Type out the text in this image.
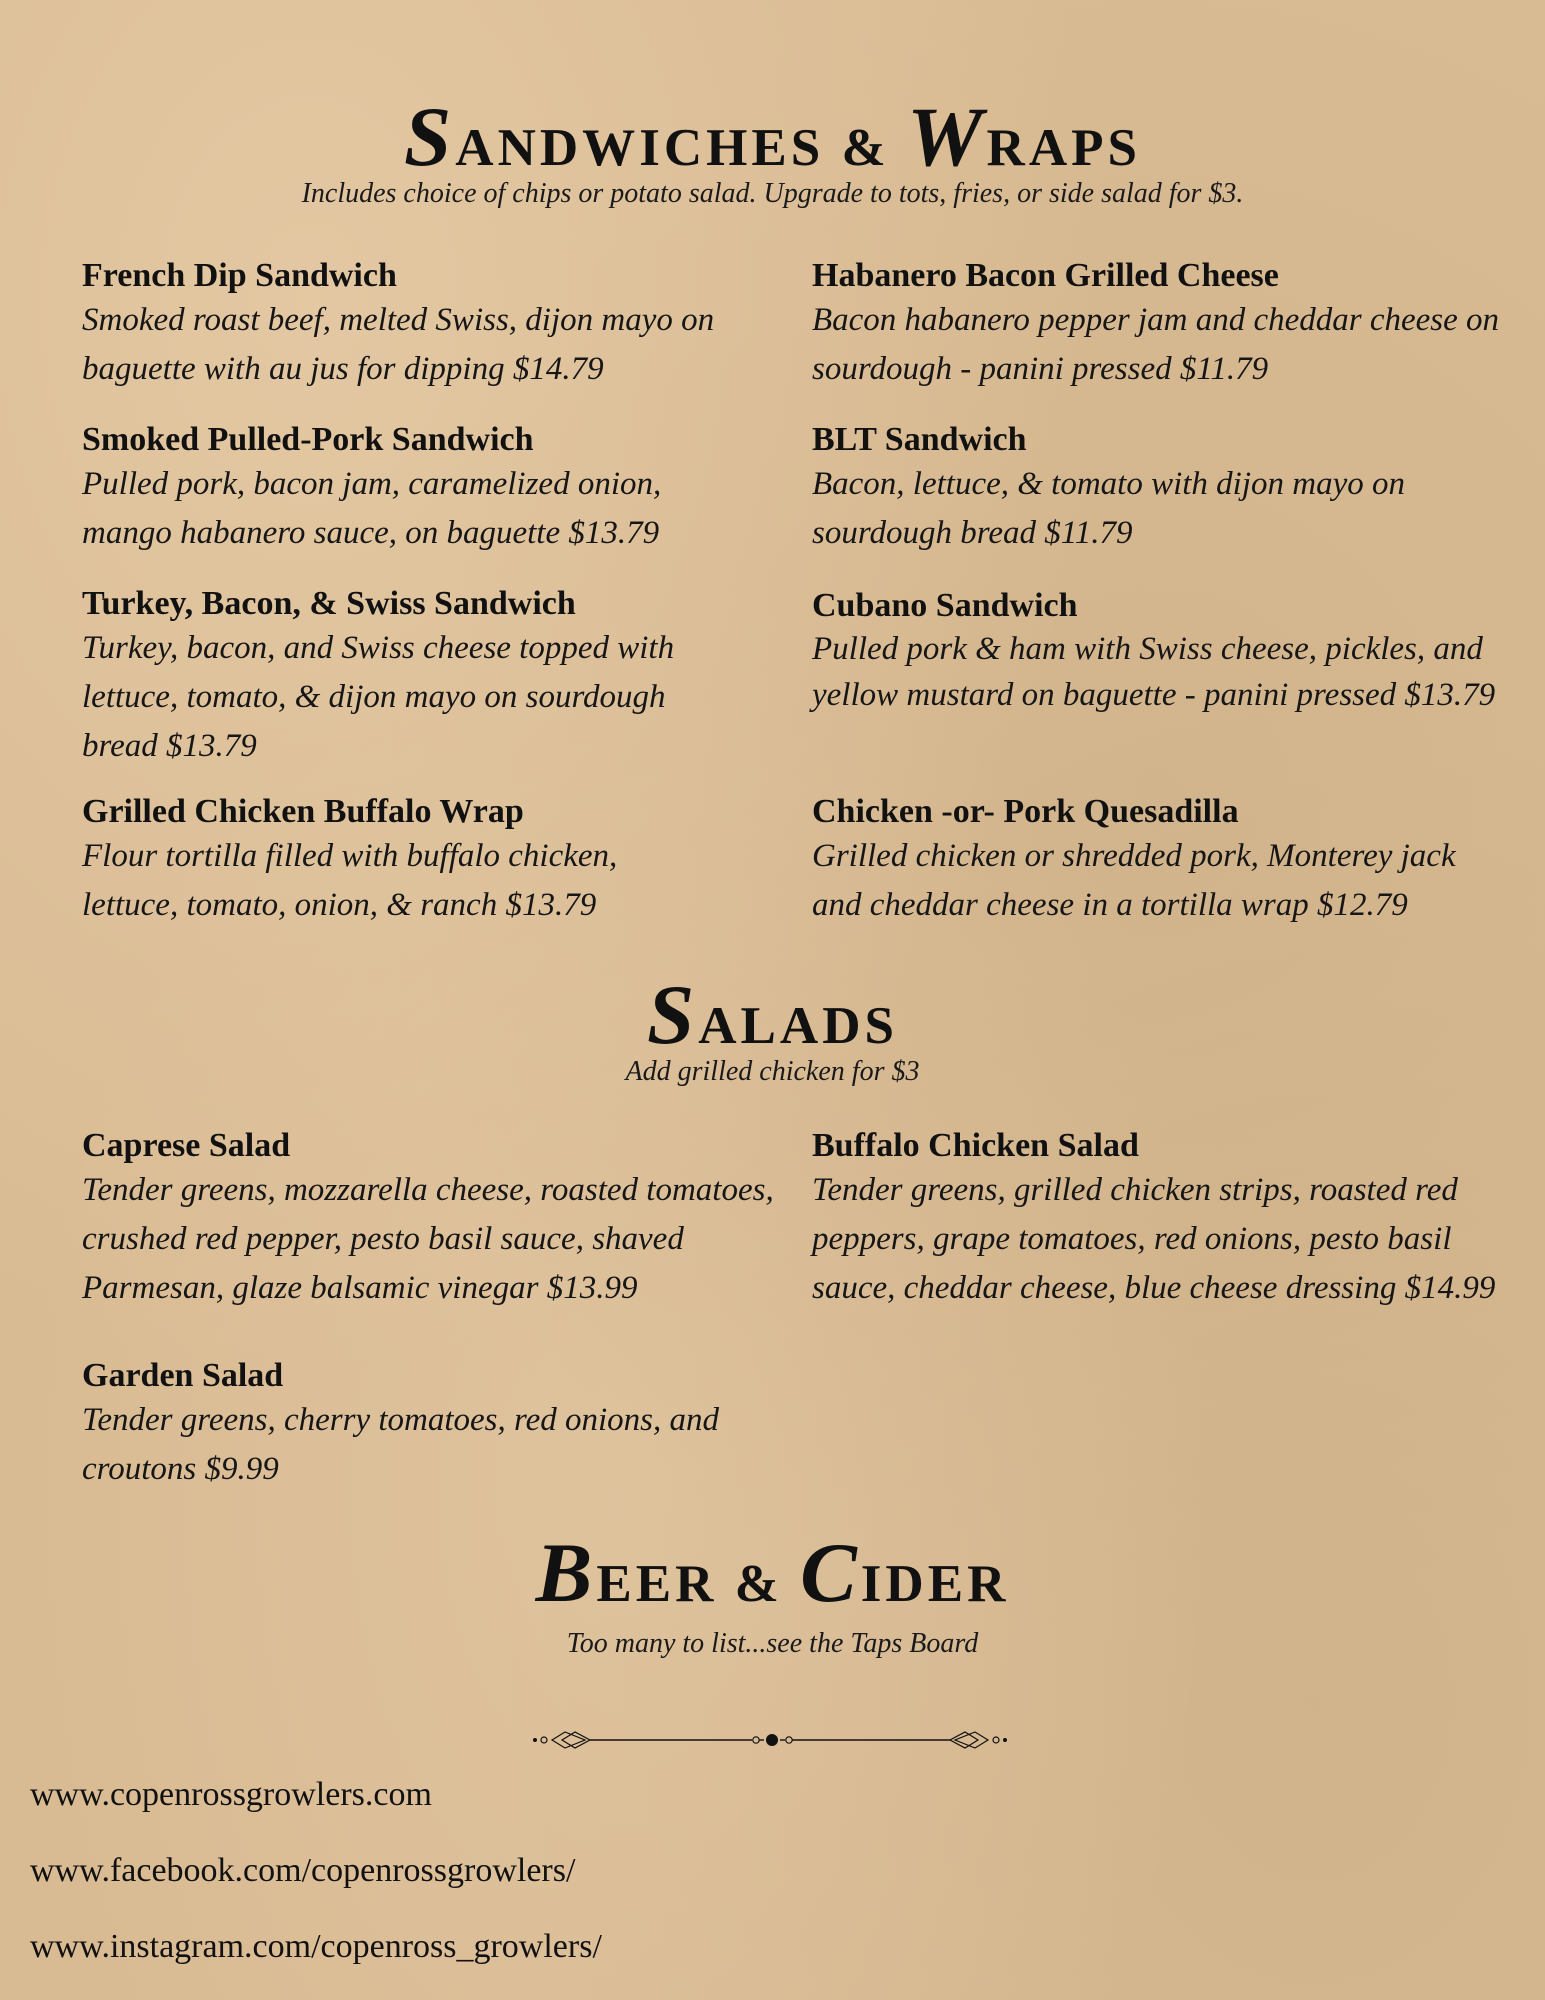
SANDWICHES & WRAPS
Includes choice of chips or potato salad. Upgrade to tots, fries, or side salad for $3.

French Dip Sandwich

Smoked roast beef, melted Swiss, dijon mayo on baguette with au jus for dipping $14.79

Habanero Bacon Grilled Cheese

Bacon habanero pepper jam and cheddar cheese on sourdough - panini pressed $11.79

Smoked Pulled-Pork Sandwich

Pulled pork, bacon jam, caramelized onion, mango habanero sauce, on baguette $13.79

BLT Sandwich

Bacon, lettuce, & tomato with dijon mayo on sourdough bread $11.79

Turkey, Bacon, & Swiss Sandwich

Turkey, bacon, and Swiss cheese topped with lettuce, tomato, & dijon mayo on sourdough bread $13.79

Cubano Sandwich

Pulled pork & ham with Swiss cheese, pickles, and yellow mustard on baguette - panini pressed $13.79

Grilled Chicken Buffalo Wrap

Flour tortilla filled with buffalo chicken, lettuce, tomato, onion, & ranch $13.79

Chicken -or- Pork Quesadilla

Grilled chicken or shredded pork, Monterey jack and cheddar cheese in a tortilla wrap $12.79

SALADS
Add grilled chicken for $3

Caprese Salad

Tender greens, mozzarella cheese, roasted tomatoes, crushed red pepper, pesto basil sauce, shaved Parmesan, glaze balsamic vinegar $13.99

Buffalo Chicken Salad

Tender greens, grilled chicken strips, roasted red peppers, grape tomatoes, red onions, pesto basil sauce, cheddar cheese, blue cheese dressing $14.99

Garden Salad

Tender greens, cherry tomatoes, red onions, and croutons $9.99

BEER & CIDER
Too many to list...see the Taps Board
www.copenrossgrowlers.com
www.facebook.com/copenrossgrowlers/
www.instagram.com/copenross_growlers/
